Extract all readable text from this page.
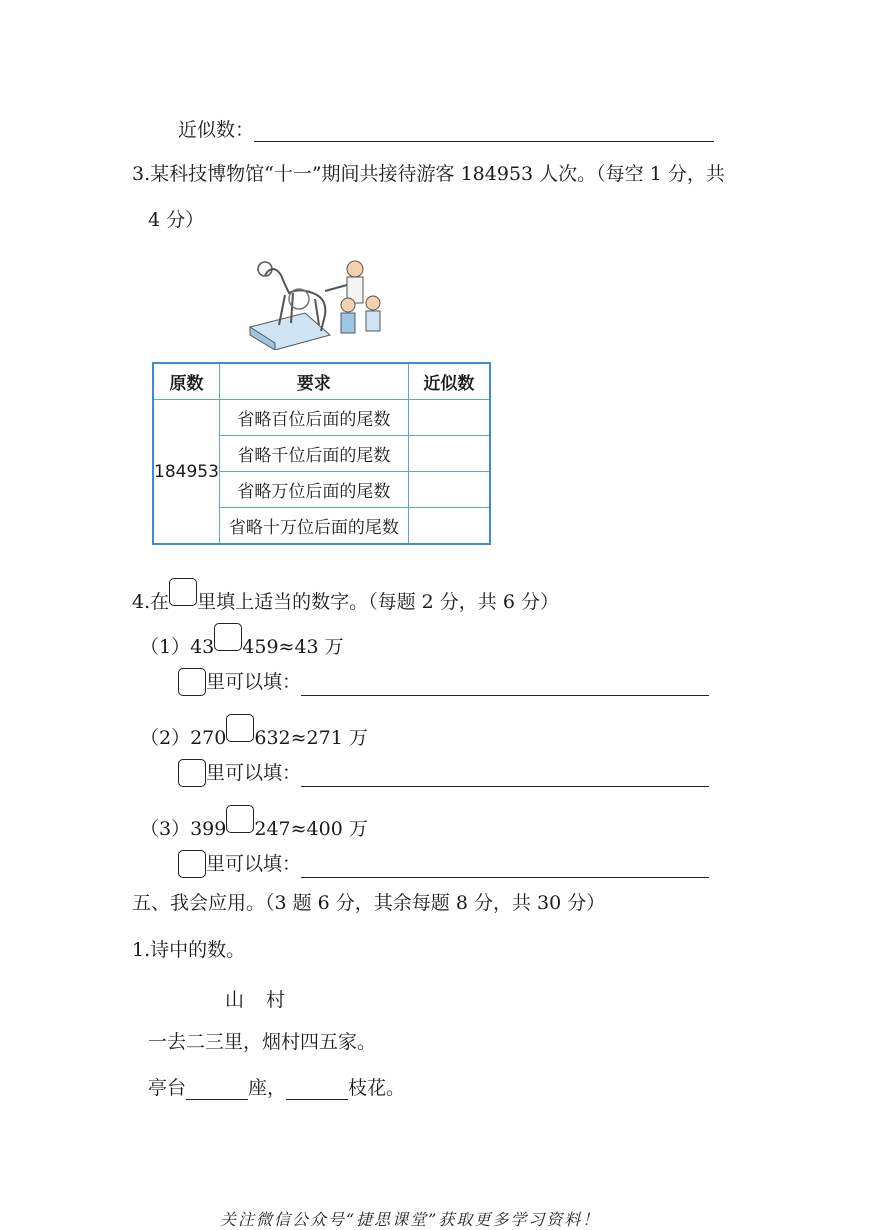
近似数：
3.某科技博物馆“十一”期间共接待游客 184953 人次。（每空 1 分，共
4 分）
原数	要求	近似数
184953	省略百位后面的尾数	
	省略千位后面的尾数	
	省略万位后面的尾数	
	省略十万位后面的尾数	
4.在 里填上适当的数字。（每题 2 分，共 6 分）
（1）43 459≈43 万
里可以填：
（2）270 632≈271 万
里可以填：
（3）399 247≈400 万
里可以填：
五、我会应用。（3 题 6 分，其余每题 8 分，共 30 分）
1.诗中的数。
山村
一去二三里，烟村四五家。
亭台	座，	枝花。
关注微信公众号“捷思课堂”获取更多学习资料！
